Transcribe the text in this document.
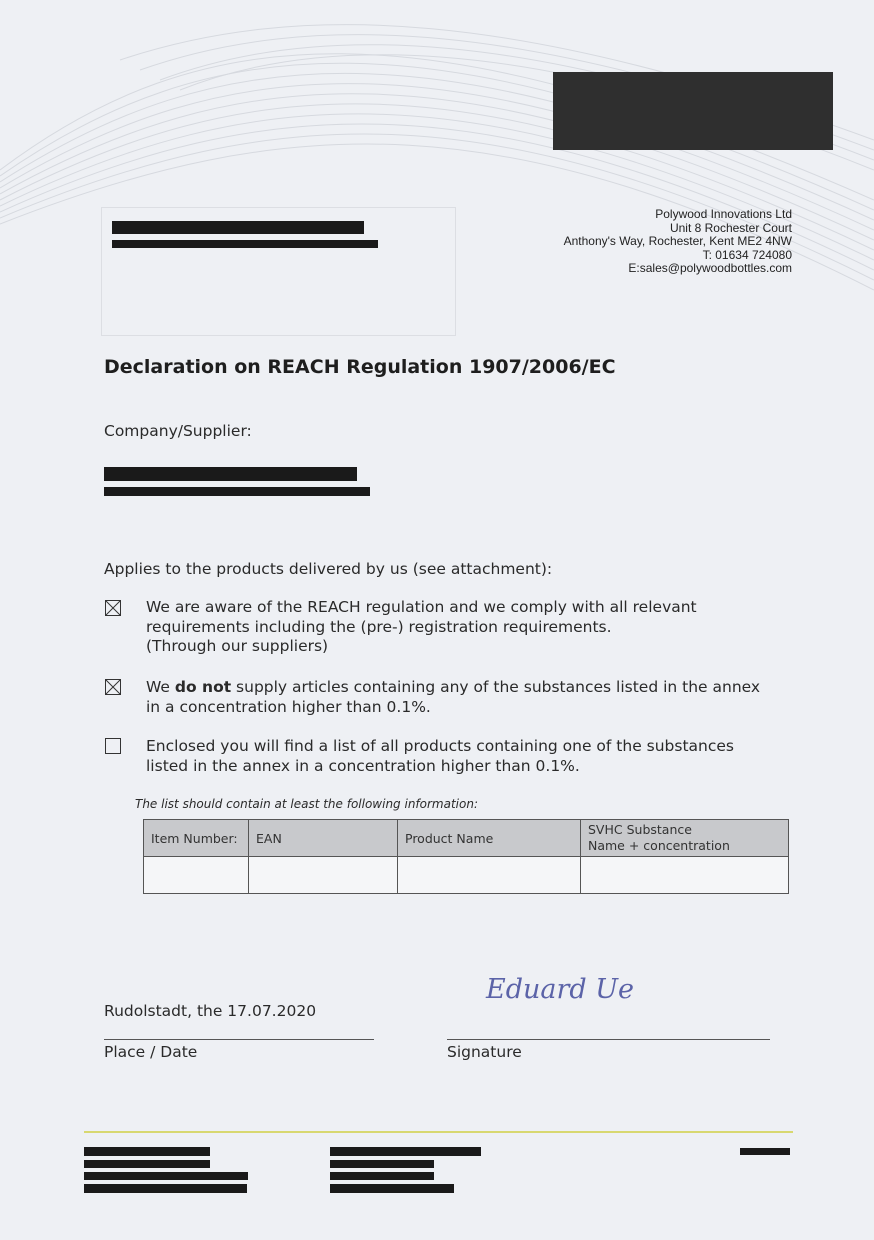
Polywood Innovations Ltd
Unit 8 Rochester Court
Anthony's Way, Rochester, Kent ME2 4NW
T: 01634 724080
E:sales@polywoodbottles.com
Declaration on REACH Regulation 1907/2006/EC
Company/Supplier:
Applies to the products delivered by us (see attachment):
We are aware of the REACH regulation and we comply with all relevant
requirements including the (pre-) registration requirements.
(Through our suppliers)
We do not supply articles containing any of the substances listed in the annex
in a concentration higher than 0.1%.
Enclosed you will find a list of all products containing one of the substances
listed in the annex in a concentration higher than 0.1%.
The list should contain at least the following information:
Item Number:	EAN	Product Name	SVHC Substance
Name + concentration

Eduard Ue
Rudolstadt, the 17.07.2020
Place / Date	Signature
